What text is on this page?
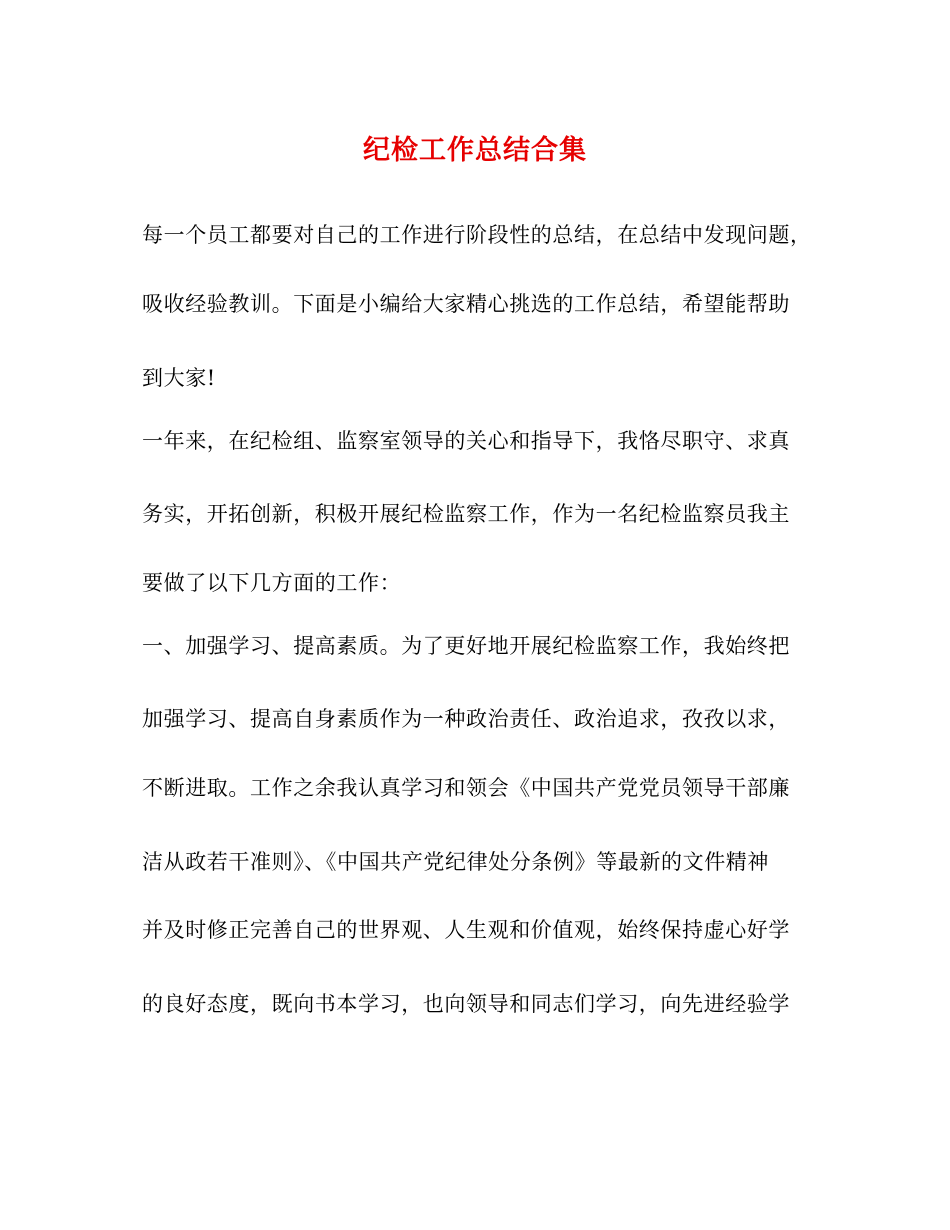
纪检工作总结合集
每一个员工都要对自己的工作进行阶段性的总结，在总结中发现问题，
吸收经验教训。下面是小编给大家精心挑选的工作总结，希望能帮助
到大家!
一年来，在纪检组、监察室领导的关心和指导下，我恪尽职守、求真
务实，开拓创新，积极开展纪检监察工作，作为一名纪检监察员我主
要做了以下几方面的工作：
一、加强学习、提高素质。为了更好地开展纪检监察工作，我始终把
加强学习、提高自身素质作为一种政治责任、政治追求，孜孜以求，
不断进取。工作之余我认真学习和领会《中国共产党党员领导干部廉
洁从政若干准则》、《中国共产党纪律处分条例》等最新的文件精神
并及时修正完善自己的世界观、人生观和价值观，始终保持虚心好学
的良好态度，既向书本学习，也向领导和同志们学习，向先进经验学
